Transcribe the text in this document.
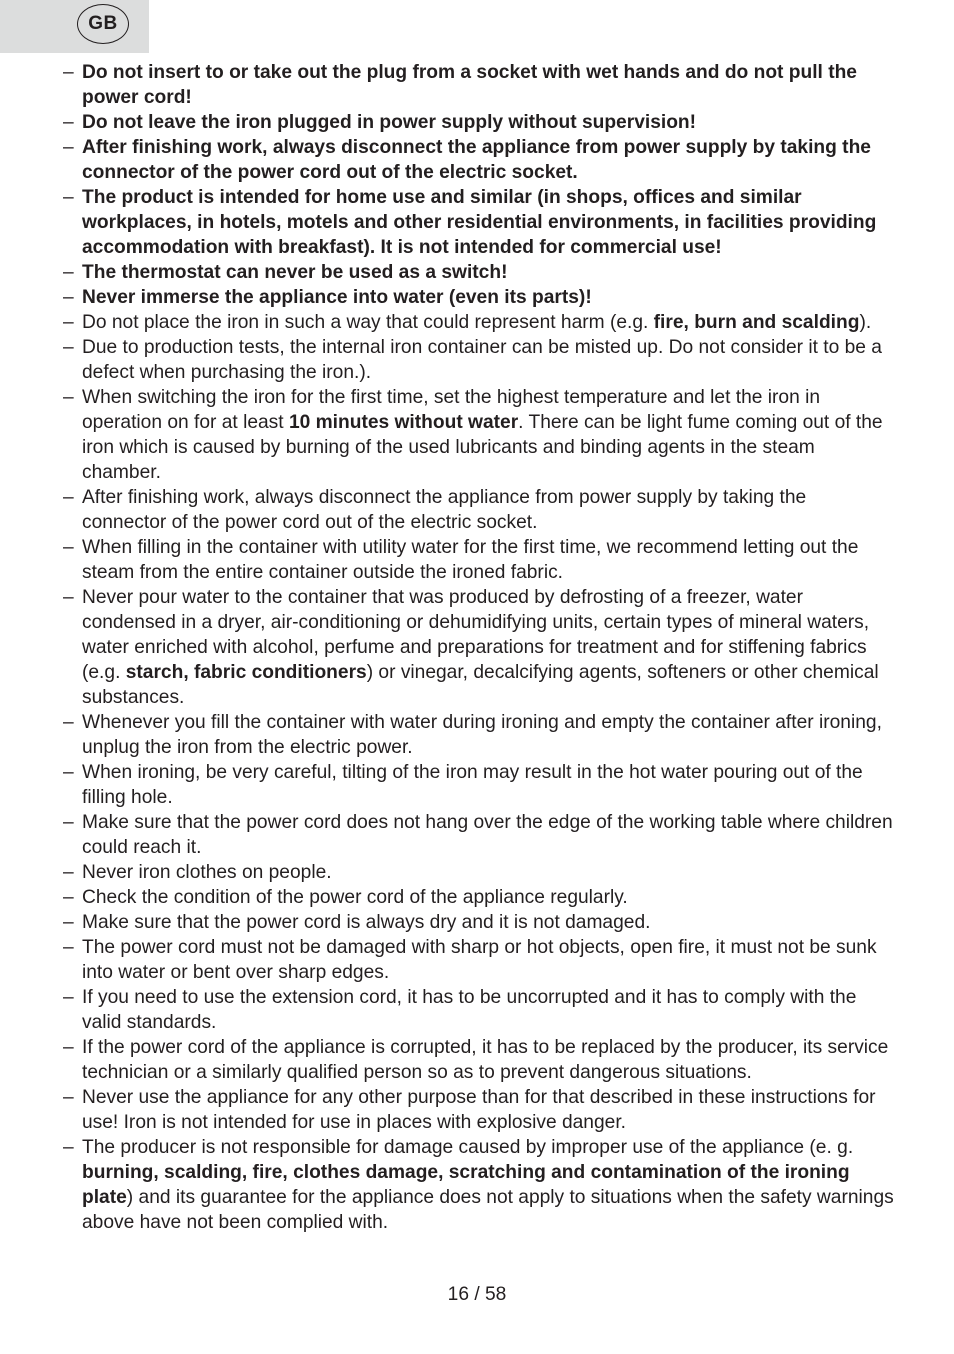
GB
– Do not insert to or take out the plug from a socket with wet hands and do not pull the power cord!
– Do not leave the iron plugged in power supply without supervision!
– After finishing work, always disconnect the appliance from power supply by taking the connector of the power cord out of the electric socket.
– The product is intended for home use and similar (in shops, offices and similar workplaces, in hotels, motels and other residential environments, in facilities providing accommodation with breakfast). It is not intended for commercial use!
– The thermostat can never be used as a switch!
– Never immerse the appliance into water (even its parts)!
– Do not place the iron in such a way that could represent harm (e.g. fire, burn and scalding).
– Due to production tests, the internal iron container can be misted up. Do not consider it to be a defect when purchasing the iron.).
– When switching the iron for the first time, set the highest temperature and let the iron in operation on for at least 10 minutes without water. There can be light fume coming out of the iron which is caused by burning of the used lubricants and binding agents in the steam chamber.
– After finishing work, always disconnect the appliance from power supply by taking the connector of the power cord out of the electric socket.
– When filling in the container with utility water for the first time, we recommend letting out the steam from the entire container outside the ironed fabric.
– Never pour water to the container that was produced by defrosting of a freezer, water condensed in a dryer, air-conditioning or dehumidifying units, certain types of mineral waters, water enriched with alcohol, perfume and preparations for treatment and for stiffening fabrics (e.g. starch, fabric conditioners) or vinegar, decalcifying agents, softeners or other chemical substances.
– Whenever you fill the container with water during ironing and empty the container after ironing, unplug the iron from the electric power.
– When ironing, be very careful, tilting of the iron may result in the hot water pouring out of the filling hole.
– Make sure that the power cord does not hang over the edge of the working table where children could reach it.
– Never iron clothes on people.
– Check the condition of the power cord of the appliance regularly.
– Make sure that the power cord is always dry and it is not damaged.
– The power cord must not be damaged with sharp or hot objects, open fire, it must not be sunk into water or bent over sharp edges.
– If you need to use the extension cord, it has to be uncorrupted and it has to comply with the valid standards.
– If the power cord of the appliance is corrupted, it has to be replaced by the producer, its service technician or a similarly qualified person so as to prevent dangerous situations.
– Never use the appliance for any other purpose than for that described in these instructions for use! Iron is not intended for use in places with explosive danger.
– The producer is not responsible for damage caused by improper use of the appliance (e. g. burning, scalding, fire, clothes damage, scratching and contamination of the ironing plate) and its guarantee for the appliance does not apply to situations when the safety warnings above have not been complied with.
16 / 58
